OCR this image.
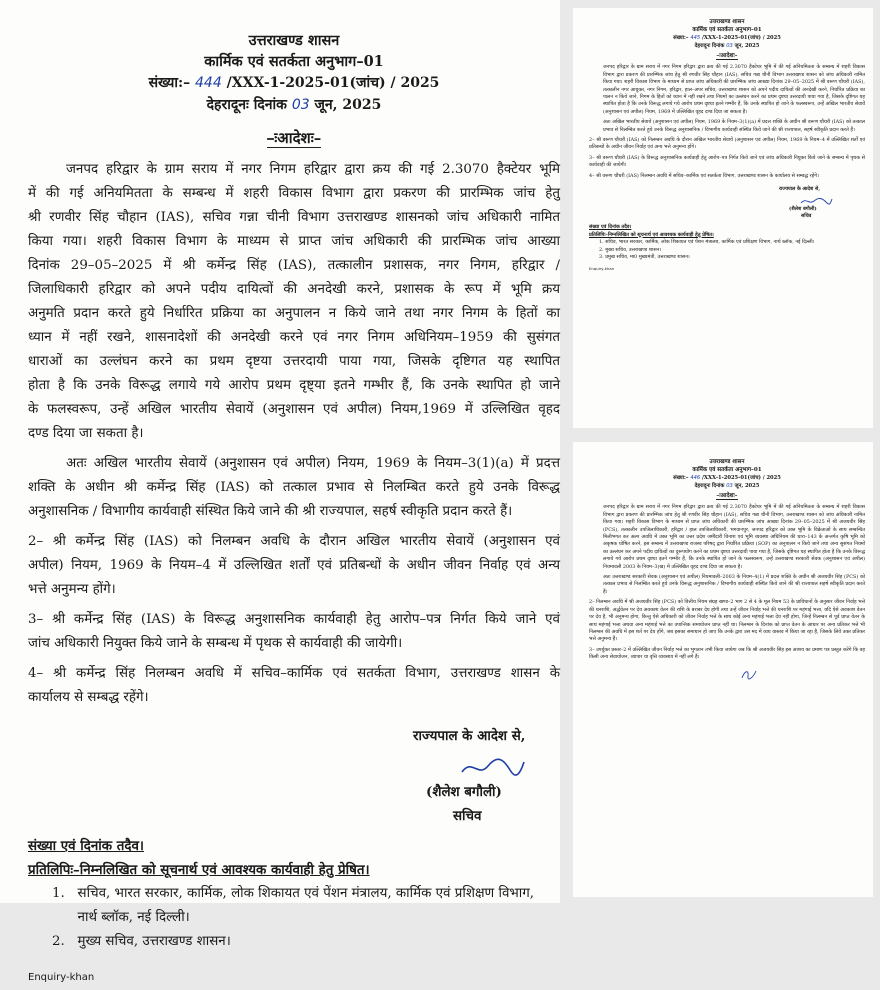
उत्तराखण्ड शासन
कार्मिक एवं सतर्कता अनुभाग–01
संख्या:– 444 /XXX-1-2025-01(जांच) / 2025
देहरादूनः दिनांक 03 जून, 2025
–ःआदेशः–
जनपद हरिद्वार के ग्राम सराय में नगर निगम हरिद्वार द्वारा क्रय की गई 2.3070 हैक्टेयर भूमि
में की गई अनियमितता के सम्बन्ध में शहरी विकास विभाग द्वारा प्रकरण की प्रारम्भिक जांच हेतु
श्री रणवीर सिंह चौहान (IAS), सचिव गन्ना चीनी विभाग उत्तराखण्ड शासनको जांच अधिकारी नामित
किया गया। शहरी विकास विभाग के माध्यम से प्राप्त जांच अधिकारी की प्रारम्भिक जांच आख्या
दिनांक 29–05–2025 में श्री कर्मेन्द्र सिंह (IAS), तत्कालीन प्रशासक, नगर निगम, हरिद्वार /
जिलाधिकारी हरिद्वार को अपने पदीय दायित्वों की अनदेखी करने, प्रशासक के रूप में भूमि क्रय
अनुमति प्रदान करते हुये निर्धारित प्रक्रिया का अनुपालन न किये जाने तथा नगर निगम के हितों का
ध्यान में नहीं रखने, शासनादेशों की अनदेखी करने एवं नगर निगम अधिनियम–1959 की सुसंगत
धाराओं का उल्लंघन करने का प्रथम दृष्टया उत्तरदायी पाया गया, जिसके दृष्टिगत यह स्थापित
होता है कि उनके विरूद्ध लगाये गये आरोप प्रथम दृष्ट्या इतने गम्भीर हैं, कि उनके स्थापित हो जाने
के फलस्वरूप, उन्हें अखिल भारतीय सेवायें (अनुशासन एवं अपील) नियम,1969 में उल्लिखित वृहद
दण्ड दिया जा सकता है।
अतः अखिल भारतीय सेवायें (अनुशासन एवं अपील) नियम, 1969 के नियम–3(1)(a) में प्रदत्त
शक्ति के अधीन श्री कर्मेन्द्र सिंह (IAS) को तत्काल प्रभाव से निलम्बित करते हुये उनके विरूद्ध
अनुशासनिक / विभागीय कार्यवाही संस्थित किये जाने की श्री राज्यपाल, सहर्ष स्वीकृति प्रदान करते हैं।
2– श्री कर्मेन्द्र सिंह (IAS) को निलम्बन अवधि के दौरान अखिल भारतीय सेवायें (अनुशासन एवं
अपील) नियम, 1969 के नियम–4 में उल्लिखित शर्तों एवं प्रतिबन्धों के अधीन जीवन निर्वाह एवं अन्य
भत्ते अनुमन्य होंगे।
3– श्री कर्मेन्द्र सिंह (IAS) के विरूद्ध अनुशासनिक कार्यवाही हेतु आरोप–पत्र निर्गत किये जाने एवं
जांच अधिकारी नियुक्त किये जाने के सम्बन्ध में पृथक से कार्यवाही की जायेगी।
4– श्री कर्मेन्द्र सिंह निलम्बन अवधि में सचिव–कार्मिक एवं सतर्कता विभाग, उत्तराखण्ड शासन के
कार्यालय से सम्बद्ध रहेंगे।
राज्यपाल के आदेश से,
(शैलेश बगौली)
सचिव
संख्या एवं दिनांक तदैव।
प्रतिलिपिः–निम्नलिखित को सूचनार्थ एवं आवश्यक कार्यवाही हेतु प्रेषित।
1.   सचिव, भारत सरकार, कार्मिक, लोक शिकायत एवं पेंशन मंत्रालय, कार्मिक एवं प्रशिक्षण विभाग,
नार्थ ब्लॉक, नई दिल्ली।
2.   मुख्य सचिव, उत्तराखण्ड शासन।
Enquiry-khan
उत्तराखण्ड शासन
कार्मिक एवं सतर्कता अनुभाग–01
संख्या:– 445 /XXX-1-2025-01(जांच) / 2025
देहरादूनः दिनांक 03 जून, 2025
–ःआदेशः–
जनपद हरिद्वार के ग्राम सराय में नगर निगम हरिद्वार द्वारा क्रय की गई 2.3070 हैक्टेयर भूमि में की गई अनियमितता के सम्बन्ध में शहरी विकास विभाग द्वारा प्रकरण की प्रारम्भिक जांच हेतु श्री रणवीर सिंह चौहान (IAS), सचिव गन्ना चीनी विभाग उत्तराखण्ड शासन को जांच अधिकारी नामित किया गया। शहरी विकास विभाग के माध्यम से प्राप्त जांच अधिकारी की प्रारम्भिक जांच आख्या दिनांक 29–05–2025 में श्री वरूण चौधरी (IAS), तत्कालीन नगर आयुक्त, नगर निगम, हरिद्वार, हाल–अपर सचिव, उत्तराखण्ड शासन को अपने पदीय दायित्वों की अनदेखी करने, निर्धारित प्रक्रिया का पालन न किये जाने, निगम के हितों को ध्यान में नहीं रखने तथा नियमों का उल्लंघन करने का प्रथम दृष्टया उत्तरदायी पाया गया है, जिसके दृष्टिगत यह स्थापित होता है कि उनके विरूद्ध लगाये गये आरोप प्रथम दृष्टया इतने गम्भीर हैं, कि उनके स्थापित हो जाने के फलस्वरूप, उन्हें अखिल भारतीय सेवायें (अनुशासन एवं अपील) नियम, 1969 में उल्लिखित वृहद दण्ड दिया जा सकता है।
अतः अखिल भारतीय सेवायें (अनुशासन एवं अपील) नियम, 1969 के नियम–3(1)(a) में प्रदत्त शक्ति के अधीन श्री वरूण चौधरी (IAS) को तत्काल प्रभाव से निलम्बित करते हुये उनके विरूद्ध अनुशासनिक / विभागीय कार्यवाही संस्थित किये जाने की श्री राज्यपाल, सहर्ष स्वीकृति प्रदान करते हैं।
2– श्री वरूण चौधरी (IAS) को निलम्बन अवधि के दौरान अखिल भारतीय सेवायें (अनुशासन एवं अपील) नियम, 1969 के नियम–4 में उल्लिखित शर्तों एवं प्रतिबन्धों के अधीन जीवन निर्वाह एवं अन्य भत्ते अनुमन्य होंगे।
3– श्री वरूण चौधरी (IAS) के विरूद्ध अनुशासनिक कार्यवाही हेतु आरोप–पत्र निर्गत किये जाने एवं जांच अधिकारी नियुक्त किये जाने के सम्बन्ध में पृथक से कार्यवाही की जायेगी।
4– श्री वरूण चौधरी (IAS) निलम्बन अवधि में सचिव–कार्मिक एवं सतर्कता विभाग, उत्तराखण्ड शासन के कार्यालय से सम्बद्ध रहेंगे।
राज्यपाल के आदेश से,
(शैलेश बगौली)
सचिव
संख्या एवं दिनांक तदैव।
प्रतिलिपिः–निम्नलिखित को सूचनार्थ एवं आवश्यक कार्यवाही हेतु प्रेषित।
1. सचिव, भारत सरकार, कार्मिक, लोक शिकायत एवं पेंशन मंत्रालय, कार्मिक एवं प्रशिक्षण विभाग, नार्थ ब्लॉक, नई दिल्ली।
2. मुख्य सचिव, उत्तराखण्ड शासन।
3. प्रमुख सचिव, मा0 मुख्यमंत्री, उत्तराखण्ड शासन।
Enquiry-khan
उत्तराखण्ड शासन
कार्मिक एवं सतर्कता अनुभाग–01
संख्या:– 446 /XXX-1-2025-01(जांच) / 2025
देहरादूनः दिनांक 03 जून, 2025
–ःआदेशः–
जनपद हरिद्वार के ग्राम सराय में नगर निगम हरिद्वार द्वारा क्रय की गई 2.3070 हैक्टेयर भूमि में की गई अनियमितता के सम्बन्ध में शहरी विकास विभाग द्वारा प्रकरण की प्रारम्भिक जांच हेतु श्री रणवीर सिंह चौहान (IAS), सचिव गन्ना चीनी विभाग, उत्तराखण्ड शासन को जांच अधिकारी नामित किया गया। शहरी विकास विभाग के माध्यम से प्राप्त जांच अधिकारी की प्रारम्भिक जांच आख्या दिनांक 29–05–2025 में श्री अजयवीर सिंह (PCS), तत्कालीन उपजिलाधिकारी, हरिद्वार / हाल उपजिलाधिकारी, भगवानपुर, जनपद हरिद्वार को उक्त भूमि के विक्रेताओं के साथ सम्बन्धित मिलीभगत कर अल्प अवधि में उक्त भूमि का उत्तर प्रदेश जमींदारी विनाश एवं भूमि व्यवस्था अधिनियम की धारा–143 के अन्तर्गत कृषि भूमि को अकृषक घोषित करने, इस सम्बन्ध में उत्तराखण्ड राजस्व परिषद् द्वारा निर्धारित प्रक्रिया (SOP) का अनुपालन न किये जाने तथा अन्य सुसंगत नियमों का उल्लंघन कर अपने पदीय दायित्वों का दुरूपयोग करने का प्रथम दृष्टया उत्तरदायी पाया गया है, जिसके दृष्टिगत यह स्थापित होता है कि उनके विरूद्ध लगाये गये आरोप प्रथम दृष्टया इतने गम्भीर हैं, कि उनके स्थापित हो जाने के फलस्वरूप, उन्हें उत्तराखण्ड सरकारी सेवक (अनुशासन एवं अपील) नियमावली 2003 के नियम–3(ख) में उल्लिखित वृहद दण्ड दिया जा सकता है।
अतः उत्तराखण्ड सरकारी सेवक (अनुशासन एवं अपील) नियमावली–2003 के नियम–4(1) में प्रदत्त शक्ति के अधीन श्री अजयवीर सिंह (PCS) को तत्काल प्रभाव से निलम्बित करते हुये उनके विरूद्ध अनुशासनिक / विभागीय कार्यवाही संस्थित किये जाने की श्री राज्यपाल सहर्ष स्वीकृति प्रदान करते हैं।
2– निलम्बन अवधि में श्री अजयवीर सिंह (PCS) को वित्तीय नियम संग्रह खण्ड–2 भाग 2 से 4 के मूल नियम 53 के प्राविधानों के अनुसार जीवन निर्वाह भत्ते की धनराशि, अर्द्धवेतन पर देय अवकाश वेतन की राशि के बराबर देय होगी तथा उन्हें जीवन निर्वाह भत्ते की धनराशि पर महंगाई भत्ता, यदि ऐसे अवकाश वेतन पर देय है, भी अनुमन्य होगा, किन्तु ऐसे अधिकारी को जीवन निर्वाह भत्ते के साथ कोई अन्य महंगाई भत्ता देय नहीं होगा, जिन्हें निलम्बन से पूर्व प्राप्त वेतन के साथ महंगाई भत्ता अथवा अन्य महंगाई भत्ते का उपान्तिक समायोजन प्राप्त नहीं था। निलम्बन के दिनांक को प्राप्त वेतन के आधार पर अन्य प्रतिकर भत्ते भी निलम्बन की अवधि में इस शर्त पर देय होंगे, जब इसका समाधान हो जाए कि उनके द्वारा उस मद में व्यय वास्तव में किया जा रहा है, जिसके लिये उक्त प्रतिकर भत्ते अनुमन्य हैं।
3– उपर्युक्त प्रस्तर–2 में उल्लिखित जीवन निर्वाह भत्ते का भुगतान तभी किया जायेगा जब कि श्री अजयवीर सिंह इस आशय का प्रमाण पत्र प्रस्तुत करेंगे कि वह किसी अन्य सेवायोजन, व्यापार या वृत्ति व्यवसाय में नहीं लगे हैं।
